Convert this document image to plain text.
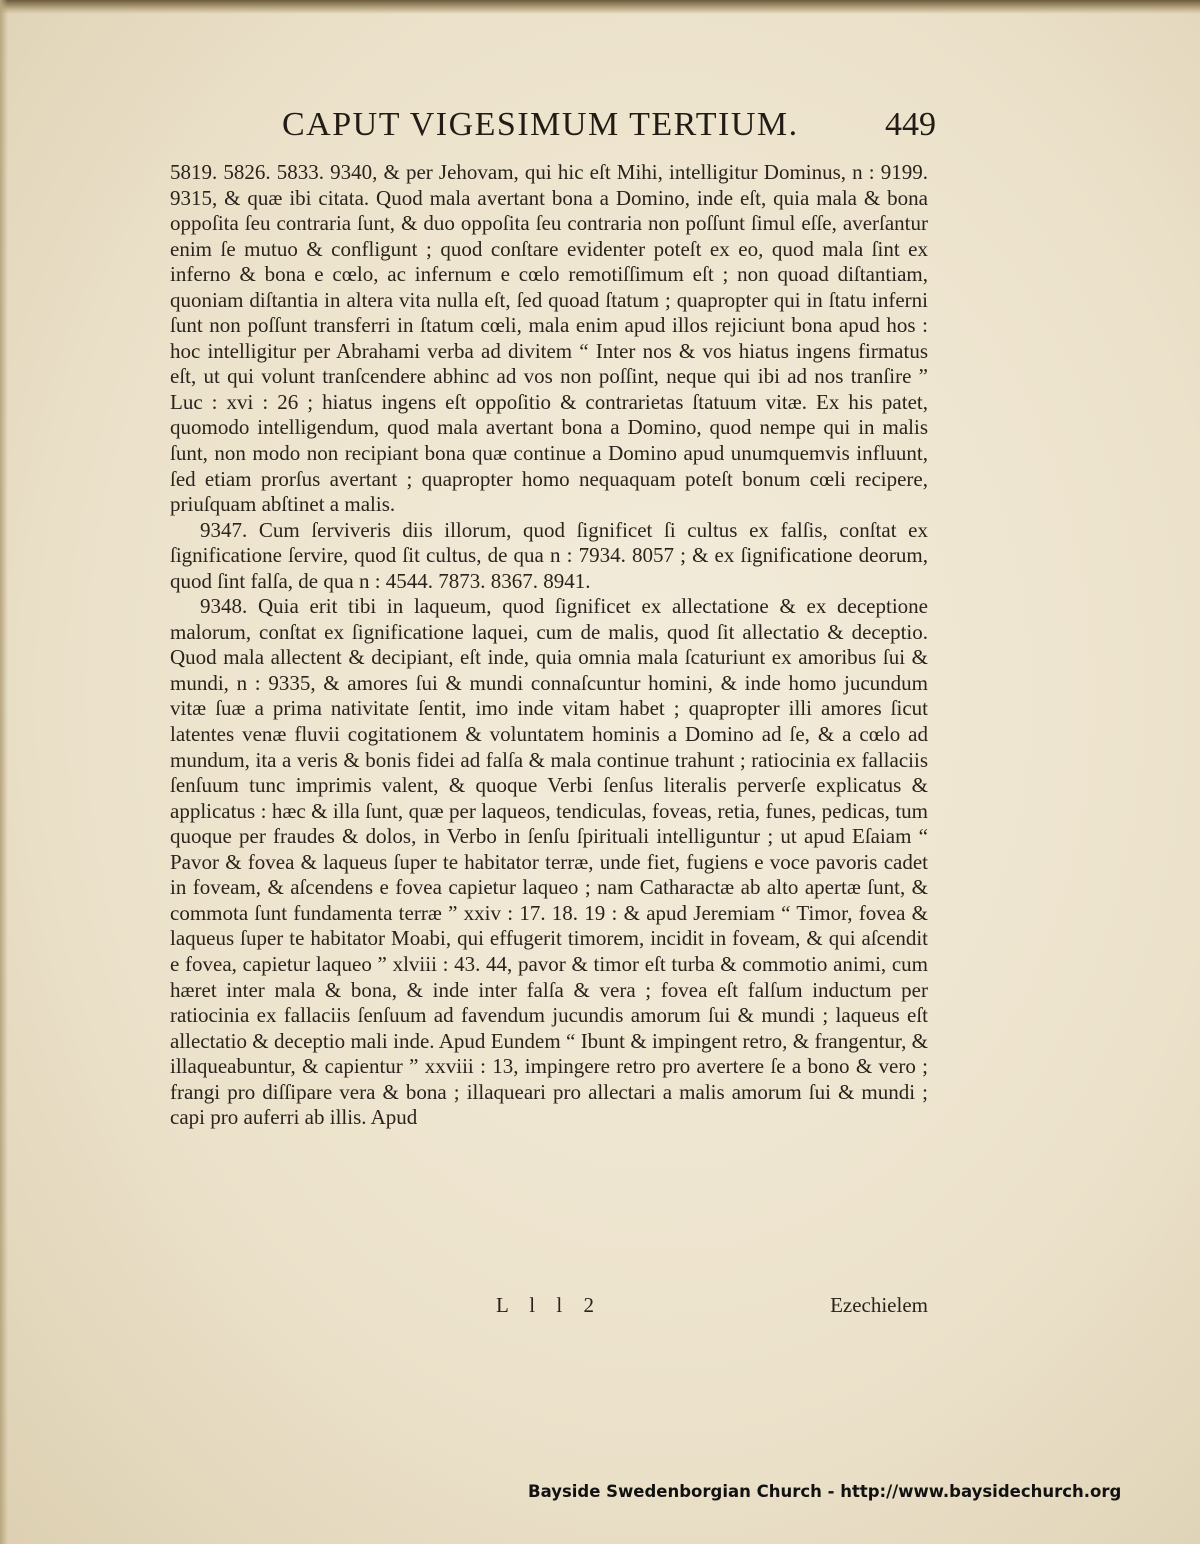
CAPUT VIGESIMUM TERTIUM.	449

5819. 5826. 5833. 9340, & per Jehovam, qui hic eſt Mihi, intelligitur Dominus, n : 9199. 9315, & quæ ibi citata. Quod mala avertant bona a Domino, inde eſt, quia mala & bona oppoſita ſeu contraria ſunt, & duo oppoſita ſeu contraria non poſſunt ſimul eſſe, averſantur enim ſe mutuo & confligunt ; quod conſtare evidenter poteſt ex eo, quod mala ſint ex inferno & bona e cœlo, ac infernum e cœlo remotiſſimum eſt ; non quoad diſtantiam, quoniam diſtantia in altera vita nulla eſt, ſed quoad ſtatum ; quapropter qui in ſtatu inferni ſunt non poſſunt transferri in ſtatum cœli, mala enim apud illos rejiciunt bona apud hos : hoc intelligitur per Abrahami verba ad divitem “ Inter nos & vos hiatus ingens firmatus eſt, ut qui volunt tranſcendere abhinc ad vos non poſſint, neque qui ibi ad nos tranſire ” Luc : xvi : 26 ; hiatus ingens eſt oppoſitio & contrarietas ſtatuum vitæ. Ex his patet, quomodo intelligendum, quod mala avertant bona a Domino, quod nempe qui in malis ſunt, non modo non recipiant bona quæ continue a Domino apud unumquemvis influunt, ſed etiam prorſus avertant ; quapropter homo nequaquam poteſt bonum cœli recipere, priuſquam abſtinet a malis.

9347. Cum ſerviveris diis illorum, quod ſignificet ſi cultus ex falſis, conſtat ex ſignificatione ſervire, quod ſit cultus, de qua n : 7934. 8057 ; & ex ſignificatione deorum, quod ſint falſa, de qua n : 4544. 7873. 8367. 8941.

9348. Quia erit tibi in laqueum, quod ſignificet ex allectatione & ex deceptione malorum, conſtat ex ſignificatione laquei, cum de malis, quod ſit allectatio & deceptio. Quod mala allectent & decipiant, eſt inde, quia omnia mala ſcaturiunt ex amoribus ſui & mundi, n : 9335, & amores ſui & mundi connaſcuntur homini, & inde homo jucundum vitæ ſuæ a prima nativitate ſentit, imo inde vitam habet ; quapropter illi amores ſicut latentes venæ fluvii cogitationem & voluntatem hominis a Domino ad ſe, & a cœlo ad mundum, ita a veris & bonis fidei ad falſa & mala continue trahunt ; ratiocinia ex fallaciis ſenſuum tunc imprimis valent, & quoque Verbi ſenſus literalis perverſe explicatus & applicatus : hæc & illa ſunt, quæ per laqueos, tendiculas, foveas, retia, funes, pedicas, tum quoque per fraudes & dolos, in Verbo in ſenſu ſpirituali intelliguntur ; ut apud Eſaiam “ Pavor & fovea & laqueus ſuper te habitator terræ, unde fiet, fugiens e voce pavoris cadet in foveam, & aſcendens e fovea capietur laqueo ; nam Catharactæ ab alto apertæ ſunt, & commota ſunt fundamenta terræ ” xxiv : 17. 18. 19 : & apud Jeremiam “ Timor, fovea & laqueus ſuper te habitator Moabi, qui effugerit timorem, incidit in foveam, & qui aſcendit e fovea, capietur laqueo ” xlviii : 43. 44, pavor & timor eſt turba & commotio animi, cum hæret inter mala & bona, & inde inter falſa & vera ; fovea eſt falſum inductum per ratiocinia ex fallaciis ſenſuum ad favendum jucundis amorum ſui & mundi ; laqueus eſt allectatio & deceptio mali inde. Apud Eundem “ Ibunt & impingent retro, & frangentur, & illaqueabuntur, & capientur ” xxviii : 13, impingere retro pro avertere ſe a bono & vero ; frangi pro diſſipare vera & bona ; illaqueari pro allectari a malis amorum ſui & mundi ; capi pro auferri ab illis. Apud

L l l 2	Ezechielem
Bayside Swedenborgian Church - http://www.baysidechurch.org
